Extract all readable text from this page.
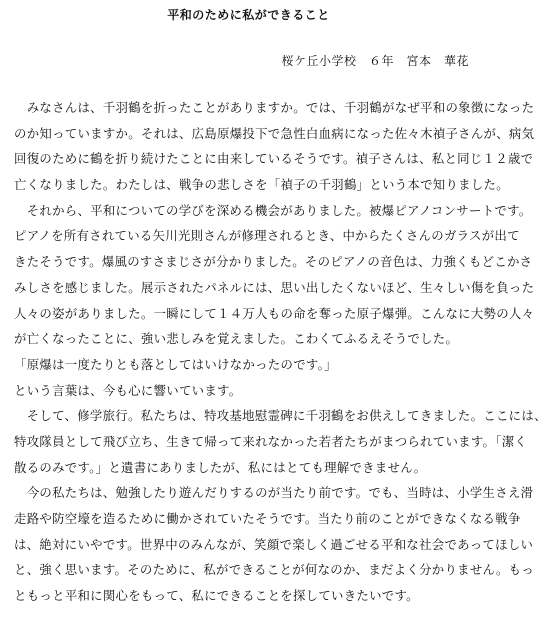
平和のために私ができること
桜ケ丘小学校　６年　宮本　華花
　みなさんは、千羽鶴を折ったことがありますか。では、千羽鶴がなぜ平和の象徴になった
のか知っていますか。それは、広島原爆投下で急性白血病になった佐々木禎子さんが、病気
回復のために鶴を折り続けたことに由来しているそうです。禎子さんは、私と同じ１２歳で
亡くなりました。わたしは、戦争の悲しさを「禎子の千羽鶴」という本で知りました。
　それから、平和についての学びを深める機会がありました。被爆ピアノコンサートです。
ピアノを所有されている矢川光則さんが修理されるとき、中からたくさんのガラスが出て
きたそうです。爆風のすさまじさが分かりました。そのピアノの音色は、力強くもどこかさ
みしさを感じました。展示されたパネルには、思い出したくないほど、生々しい傷を負った
人々の姿がありました。一瞬にして１４万人もの命を奪った原子爆弾。こんなに大勢の人々
が亡くなったことに、強い悲しみを覚えました。こわくてふるえそうでした。
「原爆は一度たりとも落としてはいけなかったのです。」
という言葉は、今も心に響いています。
　そして、修学旅行。私たちは、特攻基地慰霊碑に千羽鶴をお供えしてきました。ここには、
特攻隊員として飛び立ち、生きて帰って来れなかった若者たちがまつられています。「潔く
散るのみです。」と遺書にありましたが、私にはとても理解できません。
　今の私たちは、勉強したり遊んだりするのが当たり前です。でも、当時は、小学生さえ滑
走路や防空壕を造るために働かされていたそうです。当たり前のことができなくなる戦争
は、絶対にいやです。世界中のみんなが、笑顔で楽しく過ごせる平和な社会であってほしい
と、強く思います。そのために、私ができることが何なのか、まだよく分かりません。もっ
ともっと平和に関心をもって、私にできることを探していきたいです。
